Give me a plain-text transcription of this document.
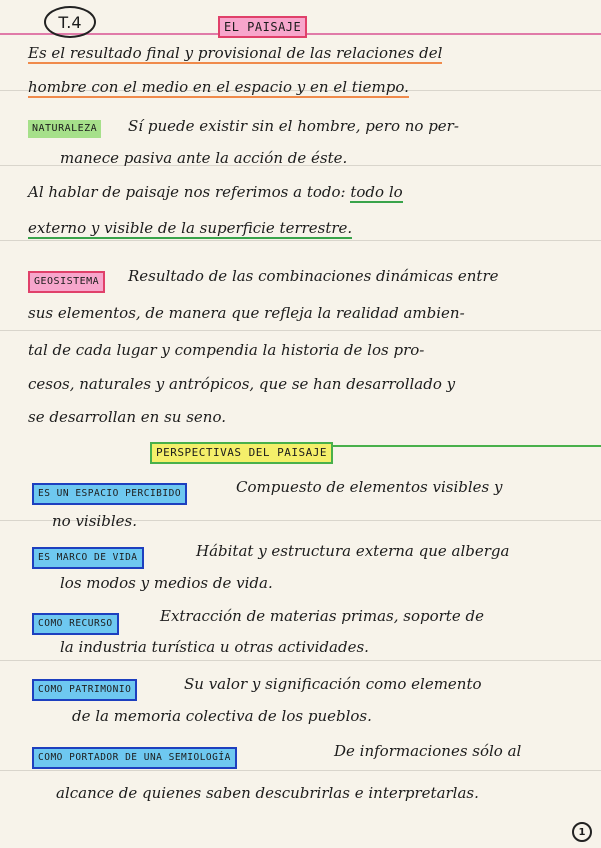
T.4	EL PAISAJE
Es el resultado final y provisional de las relaciones del
hombre con el medio en el espacio y en el tiempo.
NATURALEZA Sí puede existir sin el hombre, pero no per-
manece pasiva ante la acción de éste.
Al hablar de paisaje nos referimos a todo: todo lo
externo y visible de la superficie terrestre.
GEOSISTEMA	Resultado de las combinaciones dinámicas entre
sus elementos, de manera que refleja la realidad ambien-
tal de cada lugar y compendia la historia de los pro-
cesos, naturales y antrópicos, que se han desarrollado y
se desarrollan en su seno.
PERSPECTIVAS DEL PAISAJE
ES UN ESPACIO PERCIBIDO	Compuesto de elementos visibles y
no visibles.
ES MARCO DE VIDA	Hábitat y estructura externa que alberga
los modos y medios de vida.
COMO RECURSO	Extracción de materias primas, soporte de
la industria turística u otras actividades.
COMO PATRIMONIO	Su valor y significación como elemento
de la memoria colectiva de los pueblos.
COMO PORTADOR DE UNA SEMIOLOGÍA	De informaciones sólo al
alcance de quienes saben descubrirlas e interpretarlas.
1
